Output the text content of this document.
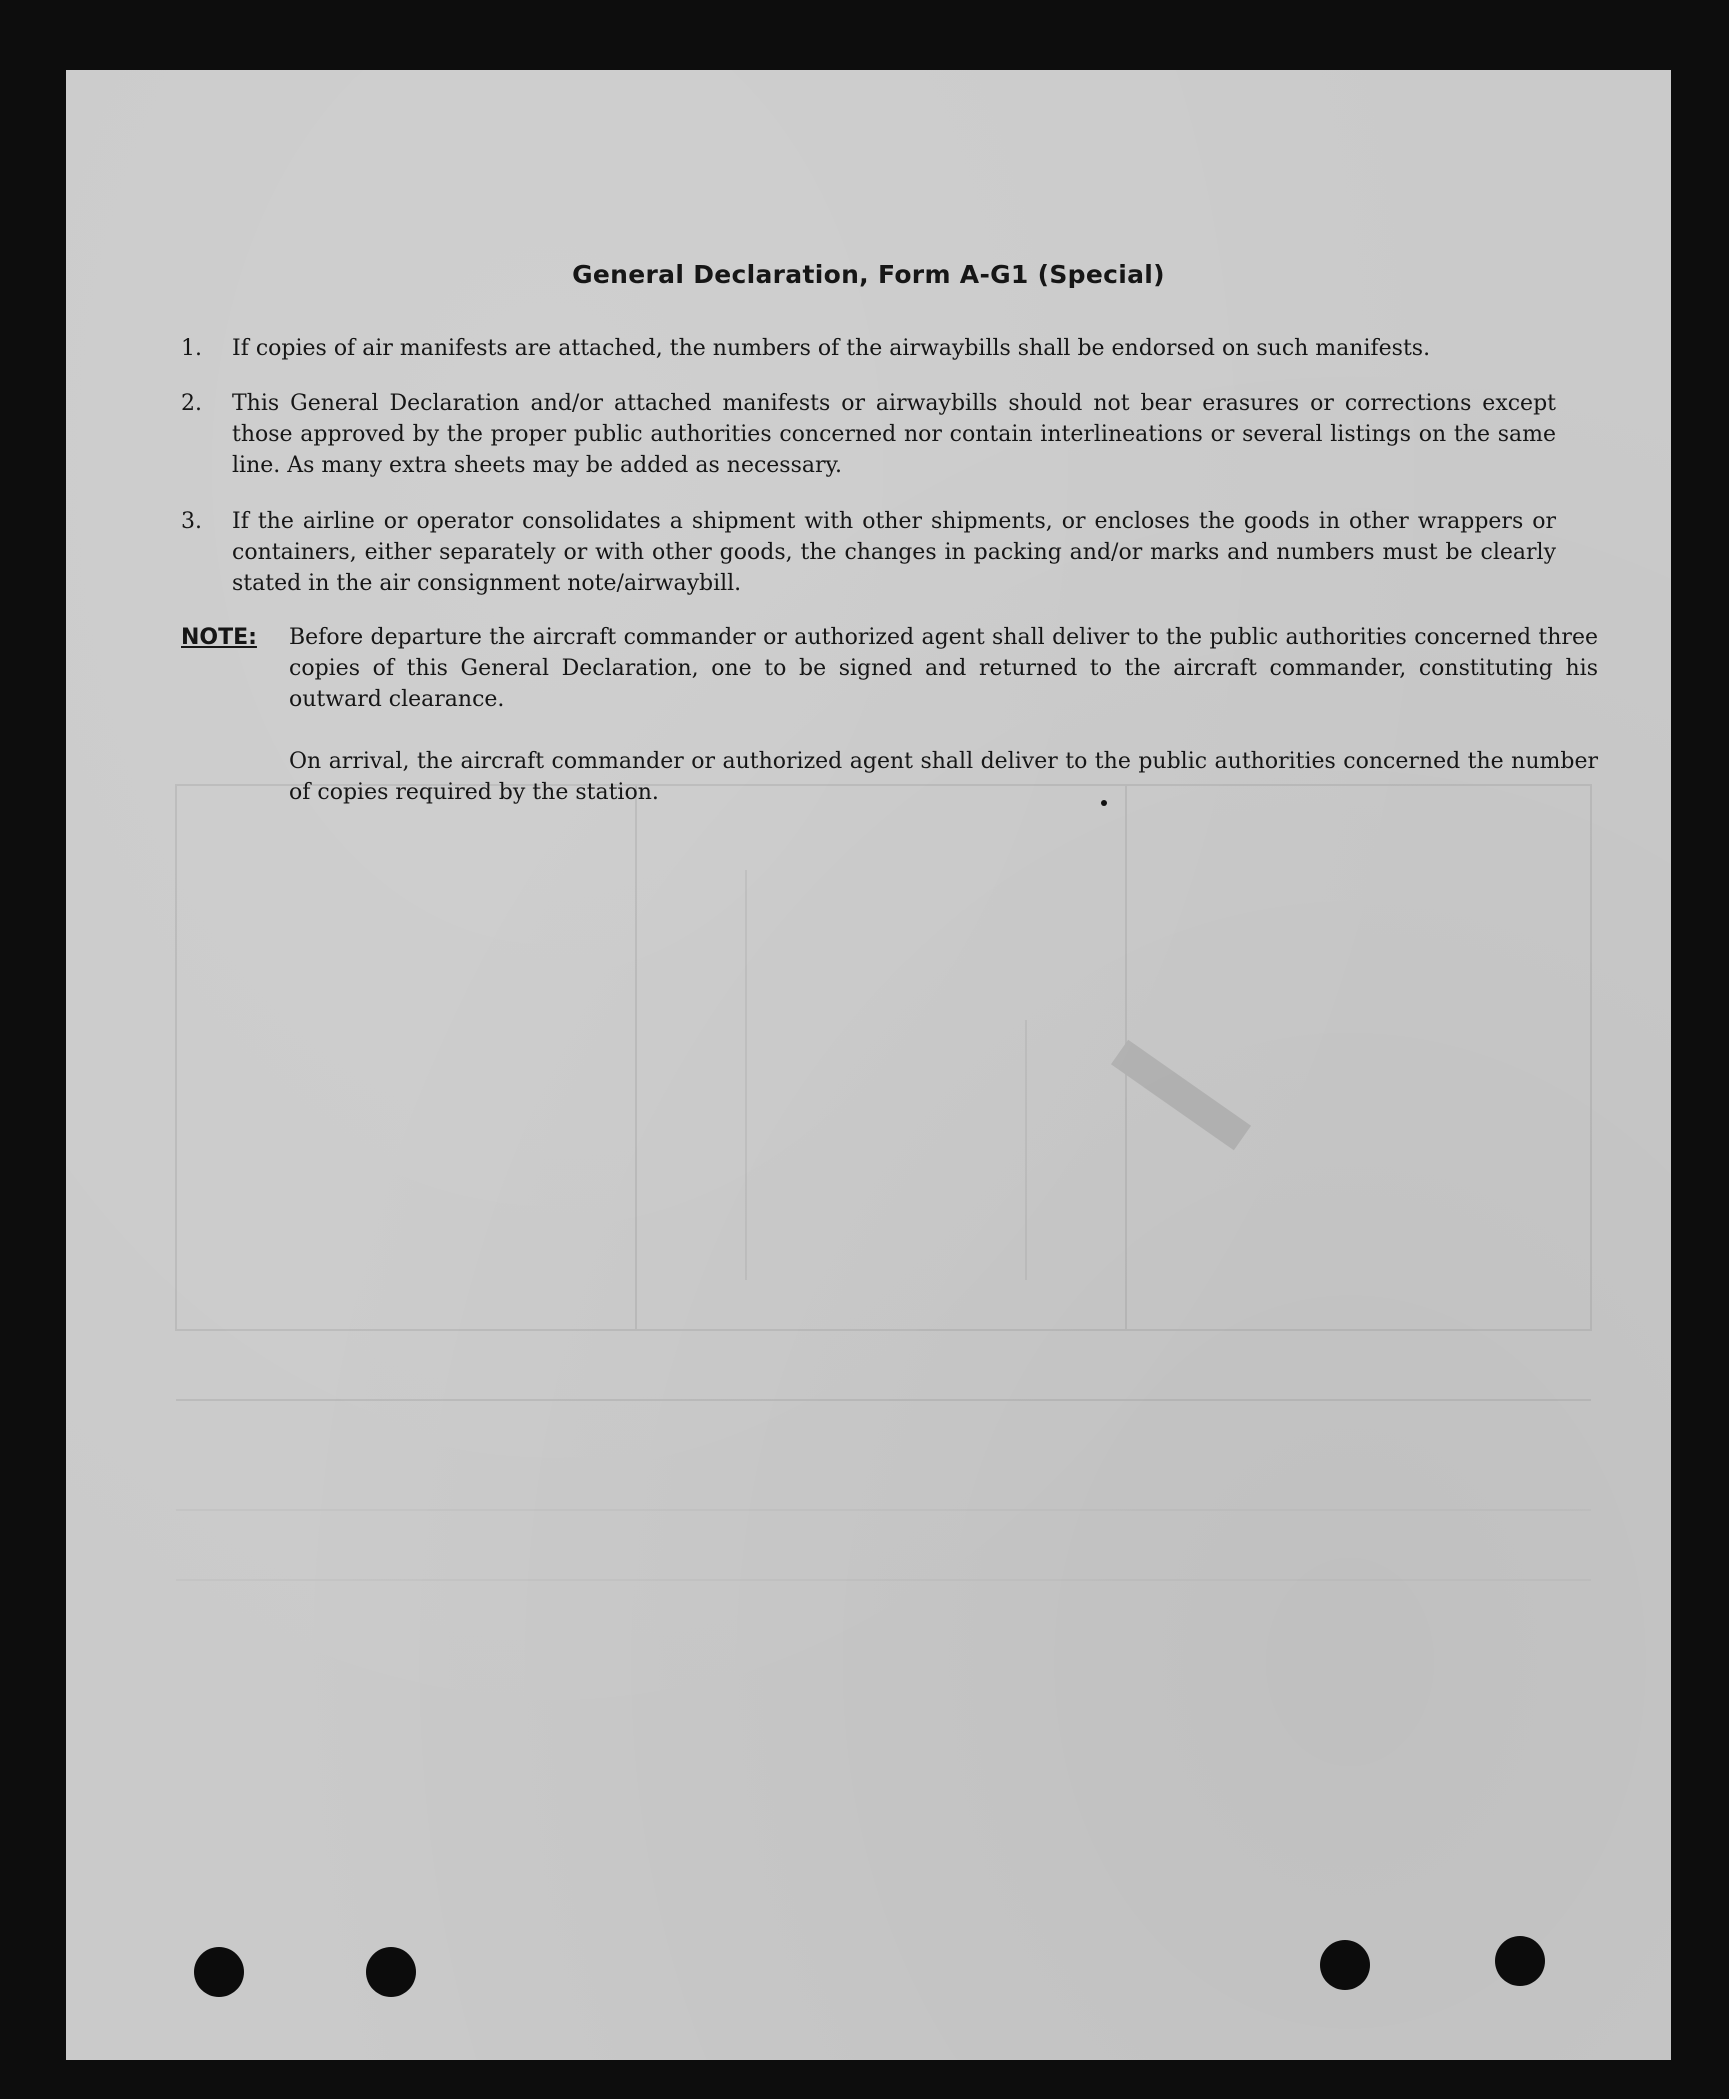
General Declaration, Form A-G1 (Special)
1.	If copies of air manifests are attached, the numbers of the airwaybills shall be endorsed on such manifests.
2.	This General Declaration and/or attached manifests or airwaybills should not bear erasures or corrections except those approved by the proper public authorities concerned nor contain interlineations or several listings on the same line. As many extra sheets may be added as necessary.
3.	If the airline or operator consolidates a shipment with other shipments, or encloses the goods in other wrappers or containers, either separately or with other goods, the changes in packing and/or marks and numbers must be clearly stated in the air consignment note/airwaybill.
NOTE: Before departure the aircraft commander or authorized agent shall deliver to the public authorities concerned three copies of this General Declaration, one to be signed and returned to the aircraft commander, constituting his outward clearance.
On arrival, the aircraft commander or authorized agent shall deliver to the public authorities concerned the number of copies required by the station.
